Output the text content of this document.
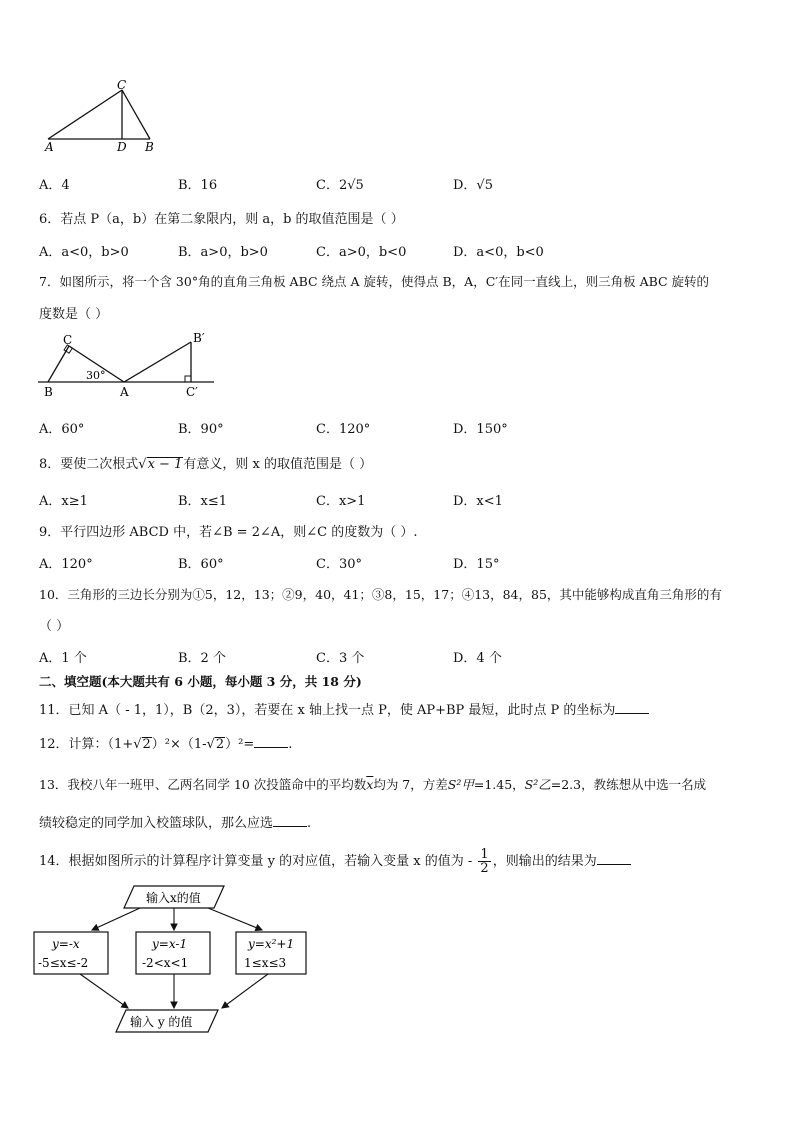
C
A	D B
A．4	B．16	C．2√5	D．√5
6．若点 P（a，b）在第二象限内，则 a，b 的取值范围是（ ）
A．a<0，b>0	B．a>0，b>0	C．a>0，b<0	D．a<0，b<0
7．如图所示，将一个含 30°角的直角三角板 ABC 绕点 A 旋转，使得点 B，A，C′在同一直线上，则三角板 ABC 旋转的
度数是（ ）
C
30°
B	A
B′
C′
A．60°	B．90°	C．120°	D．150°
8．要使二次根式√x − 1有意义，则 x 的取值范围是（ ）
A．x≥1	B．x≤1	C．x>1	D．x<1
9．平行四边形 ABCD 中，若∠B = 2∠A，则∠C 的度数为（ ）.
A．120°	B．60°	C．30°	D．15°
10．三角形的三边长分别为①5，12，13；②9，40，41；③8，15，17；④13，84，85，其中能够构成直角三角形的有
（ ）
A．1 个	B．2 个	C．3 个	D．4 个
二、填空题(本大题共有 6 小题，每小题 3 分，共 18 分)
11．已知 A（ - 1，1），B（2，3），若要在 x 轴上找一点 P，使 AP+BP 最短，此时点 P 的坐标为
12．计算：（1+√2）²×（1-√2）²=	.
13．我校八年一班甲、乙两名同学 10 次投篮命中的平均数$\overline{x}$均为 7，方差S²甲=1.45，S²乙=2.3，教练想从中选一名成
绩较稳定的同学加入校篮球队，那么应选	.
14．根据如图所示的计算程序计算变量 y 的对应值，若输入变量 x 的值为 - $\frac{1}{2}$ ，则输出的结果为
输入x的值
y=-x
-5≤x≤-2
y=x-1
-2<x<1
y=x²+1
1≤x≤3
输入 y 的值
